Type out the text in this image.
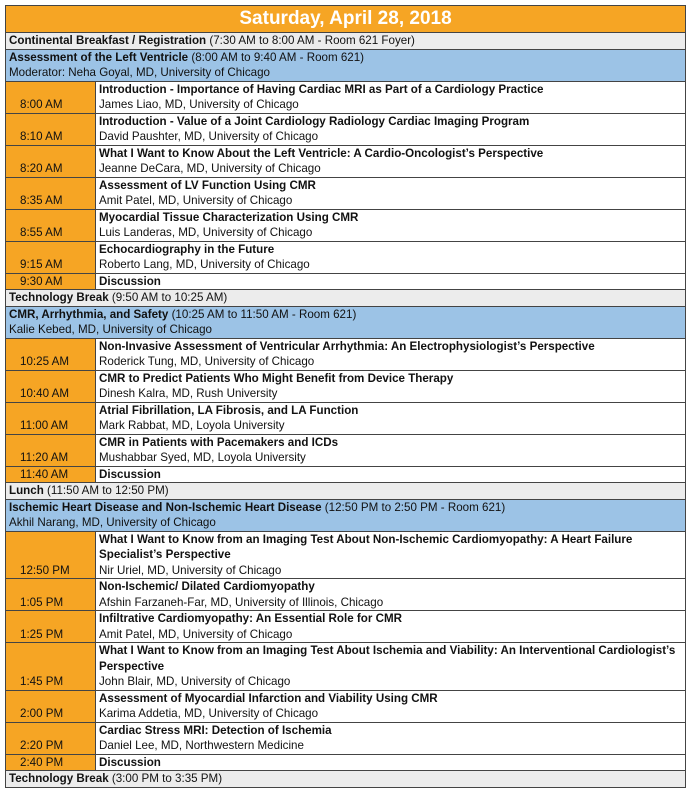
Saturday, April 28, 2018	
Continental Breakfast / Registration (7:30 AM to 8:00 AM - Room 621 Foyer)	
Assessment of the Left Ventricle (8:00 AM to 9:40 AM - Room 621)
Moderator: Neha Goyal, MD, University of Chicago	
8:00 AM	Introduction - Importance of Having Cardiac MRI as Part of a Cardiology Practice
James Liao, MD, University of Chicago
8:10 AM	Introduction - Value of a Joint Cardiology Radiology Cardiac Imaging Program
David Paushter, MD, University of Chicago
8:20 AM	What I Want to Know About the Left Ventricle: A Cardio-Oncologist’s Perspective
Jeanne DeCara, MD, University of Chicago
8:35 AM	Assessment of LV Function Using CMR
Amit Patel, MD, University of Chicago
8:55 AM	Myocardial Tissue Characterization Using CMR
Luis Landeras, MD, University of Chicago
9:15 AM	Echocardiography in the Future
Roberto Lang, MD, University of Chicago
9:30 AM	Discussion
Technology Break (9:50 AM to 10:25 AM)	
CMR, Arrhythmia, and Safety (10:25 AM to 11:50 AM - Room 621)
Kalie Kebed, MD, University of Chicago	
10:25 AM	Non-Invasive Assessment of Ventricular Arrhythmia: An Electrophysiologist’s Perspective
Roderick Tung, MD, University of Chicago
10:40 AM	CMR to Predict Patients Who Might Benefit from Device Therapy
Dinesh Kalra, MD, Rush University
11:00 AM	Atrial Fibrillation, LA Fibrosis, and LA Function
Mark Rabbat, MD, Loyola University
11:20 AM	CMR in Patients with Pacemakers and ICDs
Mushabbar Syed, MD, Loyola University
11:40 AM	Discussion
Lunch (11:50 AM to 12:50 PM)	
Ischemic Heart Disease and Non-Ischemic Heart Disease (12:50 PM to 2:50 PM - Room 621)
Akhil Narang, MD, University of Chicago	
12:50 PM	What I Want to Know from an Imaging Test About Non-Ischemic Cardiomyopathy: A Heart Failure Specialist’s Perspective
Nir Uriel, MD, University of Chicago
1:05 PM	Non-Ischemic/ Dilated Cardiomyopathy
Afshin Farzaneh-Far, MD, University of Illinois, Chicago
1:25 PM	Infiltrative Cardiomyopathy: An Essential Role for CMR
Amit Patel, MD, University of Chicago
1:45 PM	What I Want to Know from an Imaging Test About Ischemia and Viability: An Interventional Cardiologist’s Perspective
John Blair, MD, University of Chicago
2:00 PM	Assessment of Myocardial Infarction and Viability Using CMR
Karima Addetia, MD, University of Chicago
2:20 PM	Cardiac Stress MRI: Detection of Ischemia
Daniel Lee, MD, Northwestern Medicine
2:40 PM	Discussion
Technology Break (3:00 PM to 3:35 PM)	
